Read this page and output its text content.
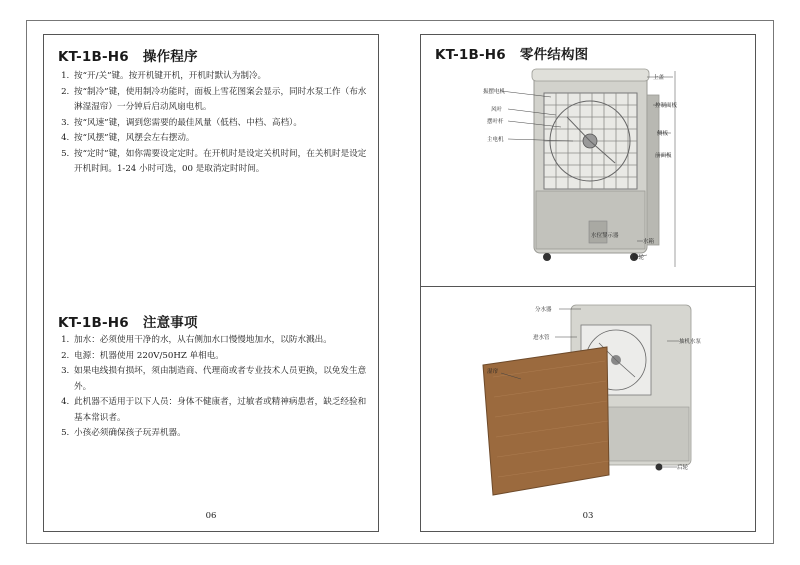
KT-1B-H6 操作程序
1. 按“开/关”键。按开机键开机，开机时默认为制冷。
2. 按“制冷”键，使用制冷功能时，面板上雪花图案会显示，同时水泵工作（布水淋湿湿帘）一分钟后启动风扇电机。
3. 按“风速”键，调到您需要的最佳风量（低档、中档、高档）。
4. 按“风摆”键，风摆会左右摆动。
5. 按“定时”键，如你需要设定定时。在开机时是设定关机时间，在关机时是设定开机时间。1-24 小时可选，00 是取消定时时间。
KT-1B-H6 注意事项
1. 加水：必须使用干净的水，从右侧加水口慢慢地加水，以防水溅出。
2. 电源：机器使用 220V/50HZ 单相电。
3. 如果电线损有损坏，须由制造商、代理商或者专业技术人员更换，以免发生意外。
4. 此机器不适用于以下人员：身体不健康者，过敏者或精神病患者，缺乏经验和基本常识者。
5. 小孩必须确保孩子玩弄机器。
06
KT-1B-H6 零件结构图
振摆电机
风叶
摆叶杆
主电机
上盖
控制面板
侧板
前面板
水位显示器
水箱
脚轮
分水器
进水管
抽机水泵
湿帘
后轮
03
